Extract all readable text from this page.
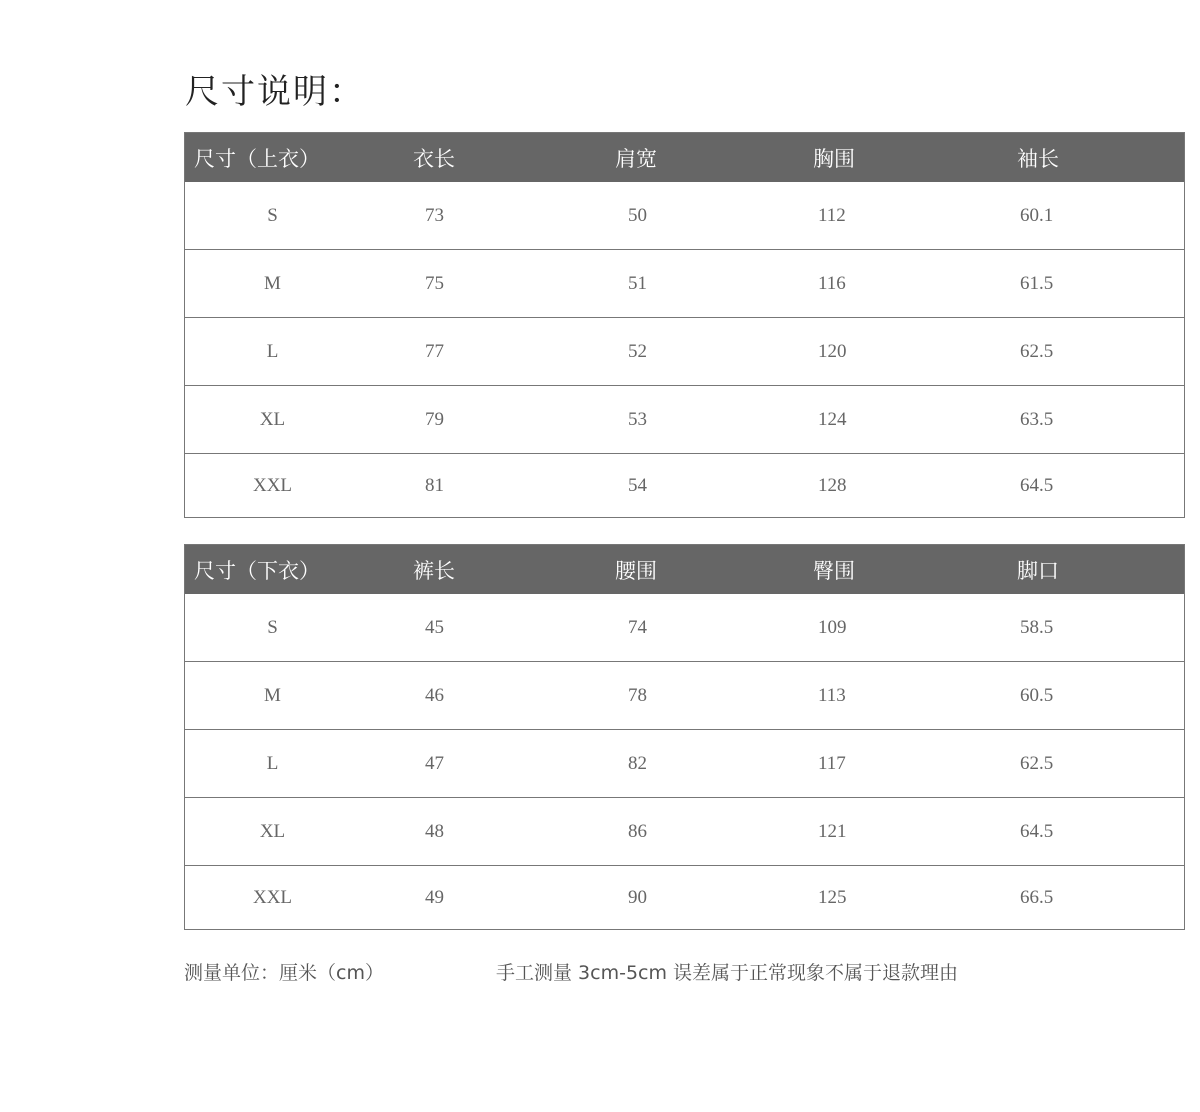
尺寸说明：
尺寸（上衣）	衣长	肩宽	胸围	袖长
S	73	50	112	60.1
M	75	51	116	61.5
L	77	52	120	62.5
XL	79	53	124	63.5
XXL	81	54	128	64.5
尺寸（下衣）	裤长	腰围	臀围	脚口
S	45	74	109	58.5
M	46	78	113	60.5
L	47	82	117	62.5
XL	48	86	121	64.5
XXL	49	90	125	66.5
测量单位：厘米（cm）	手工测量 3cm-5cm 误差属于正常现象不属于退款理由
